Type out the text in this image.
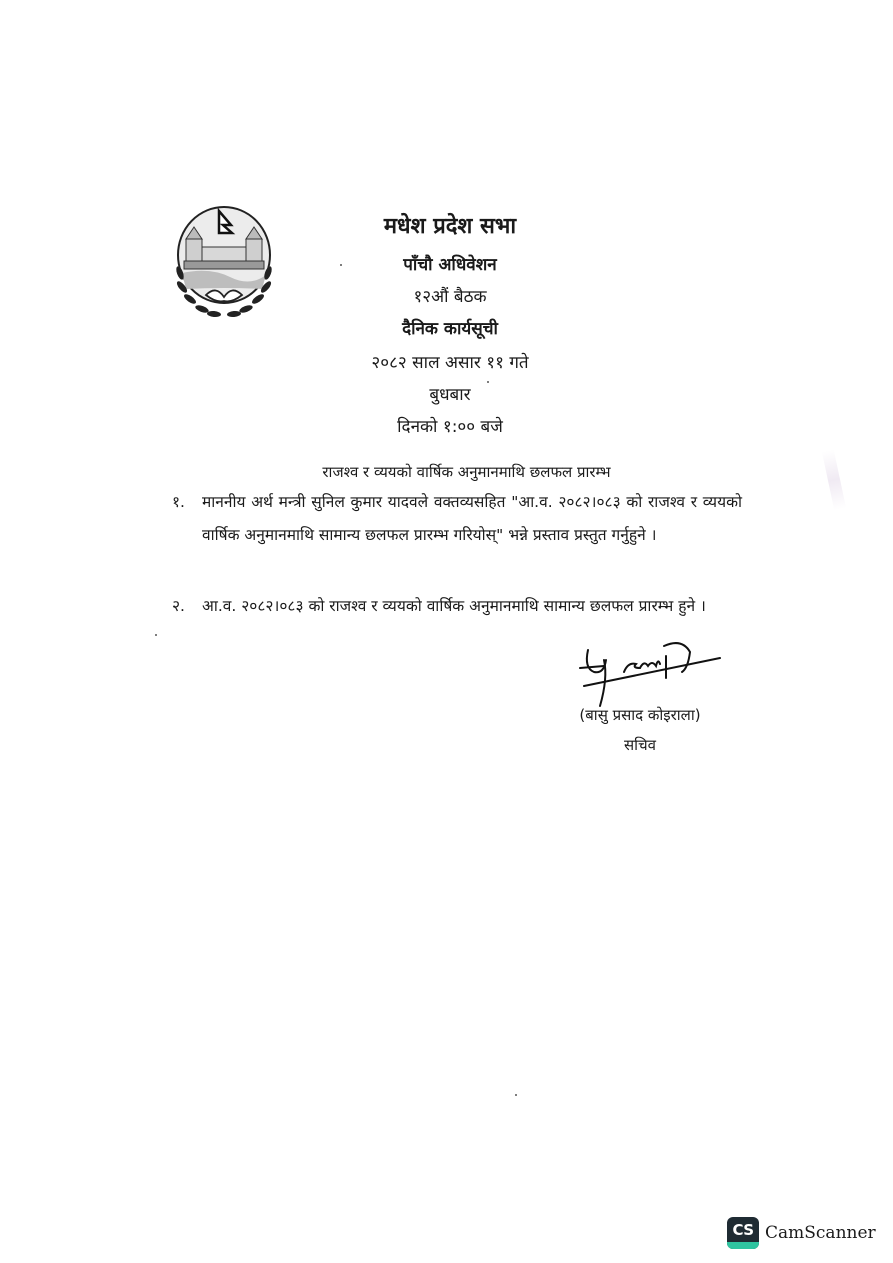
मधेश प्रदेश सभा
पाँचौ अधिवेशन
१२औं बैठक
दैनिक कार्यसूची
२०८२ साल असार ११ गते
बुधबार
दिनको १:०० बजे
राजश्व र व्ययको वार्षिक अनुमानमाथि छलफल प्रारम्भ
१.	माननीय अर्थ मन्त्री सुनिल कुमार यादवले वक्तव्यसहित "आ.व. २०८२।०८३ को राजश्व र व्ययको वार्षिक अनुमानमाथि सामान्य छलफल प्रारम्भ गरियोस्" भन्ने प्रस्ताव प्रस्तुत गर्नुहुने ।
२.	आ.व. २०८२।०८३ को राजश्व र व्ययको वार्षिक अनुमानमाथि सामान्य छलफल प्रारम्भ हुने ।
(बासु प्रसाद कोइराला)
सचिव
CS CamScanner
